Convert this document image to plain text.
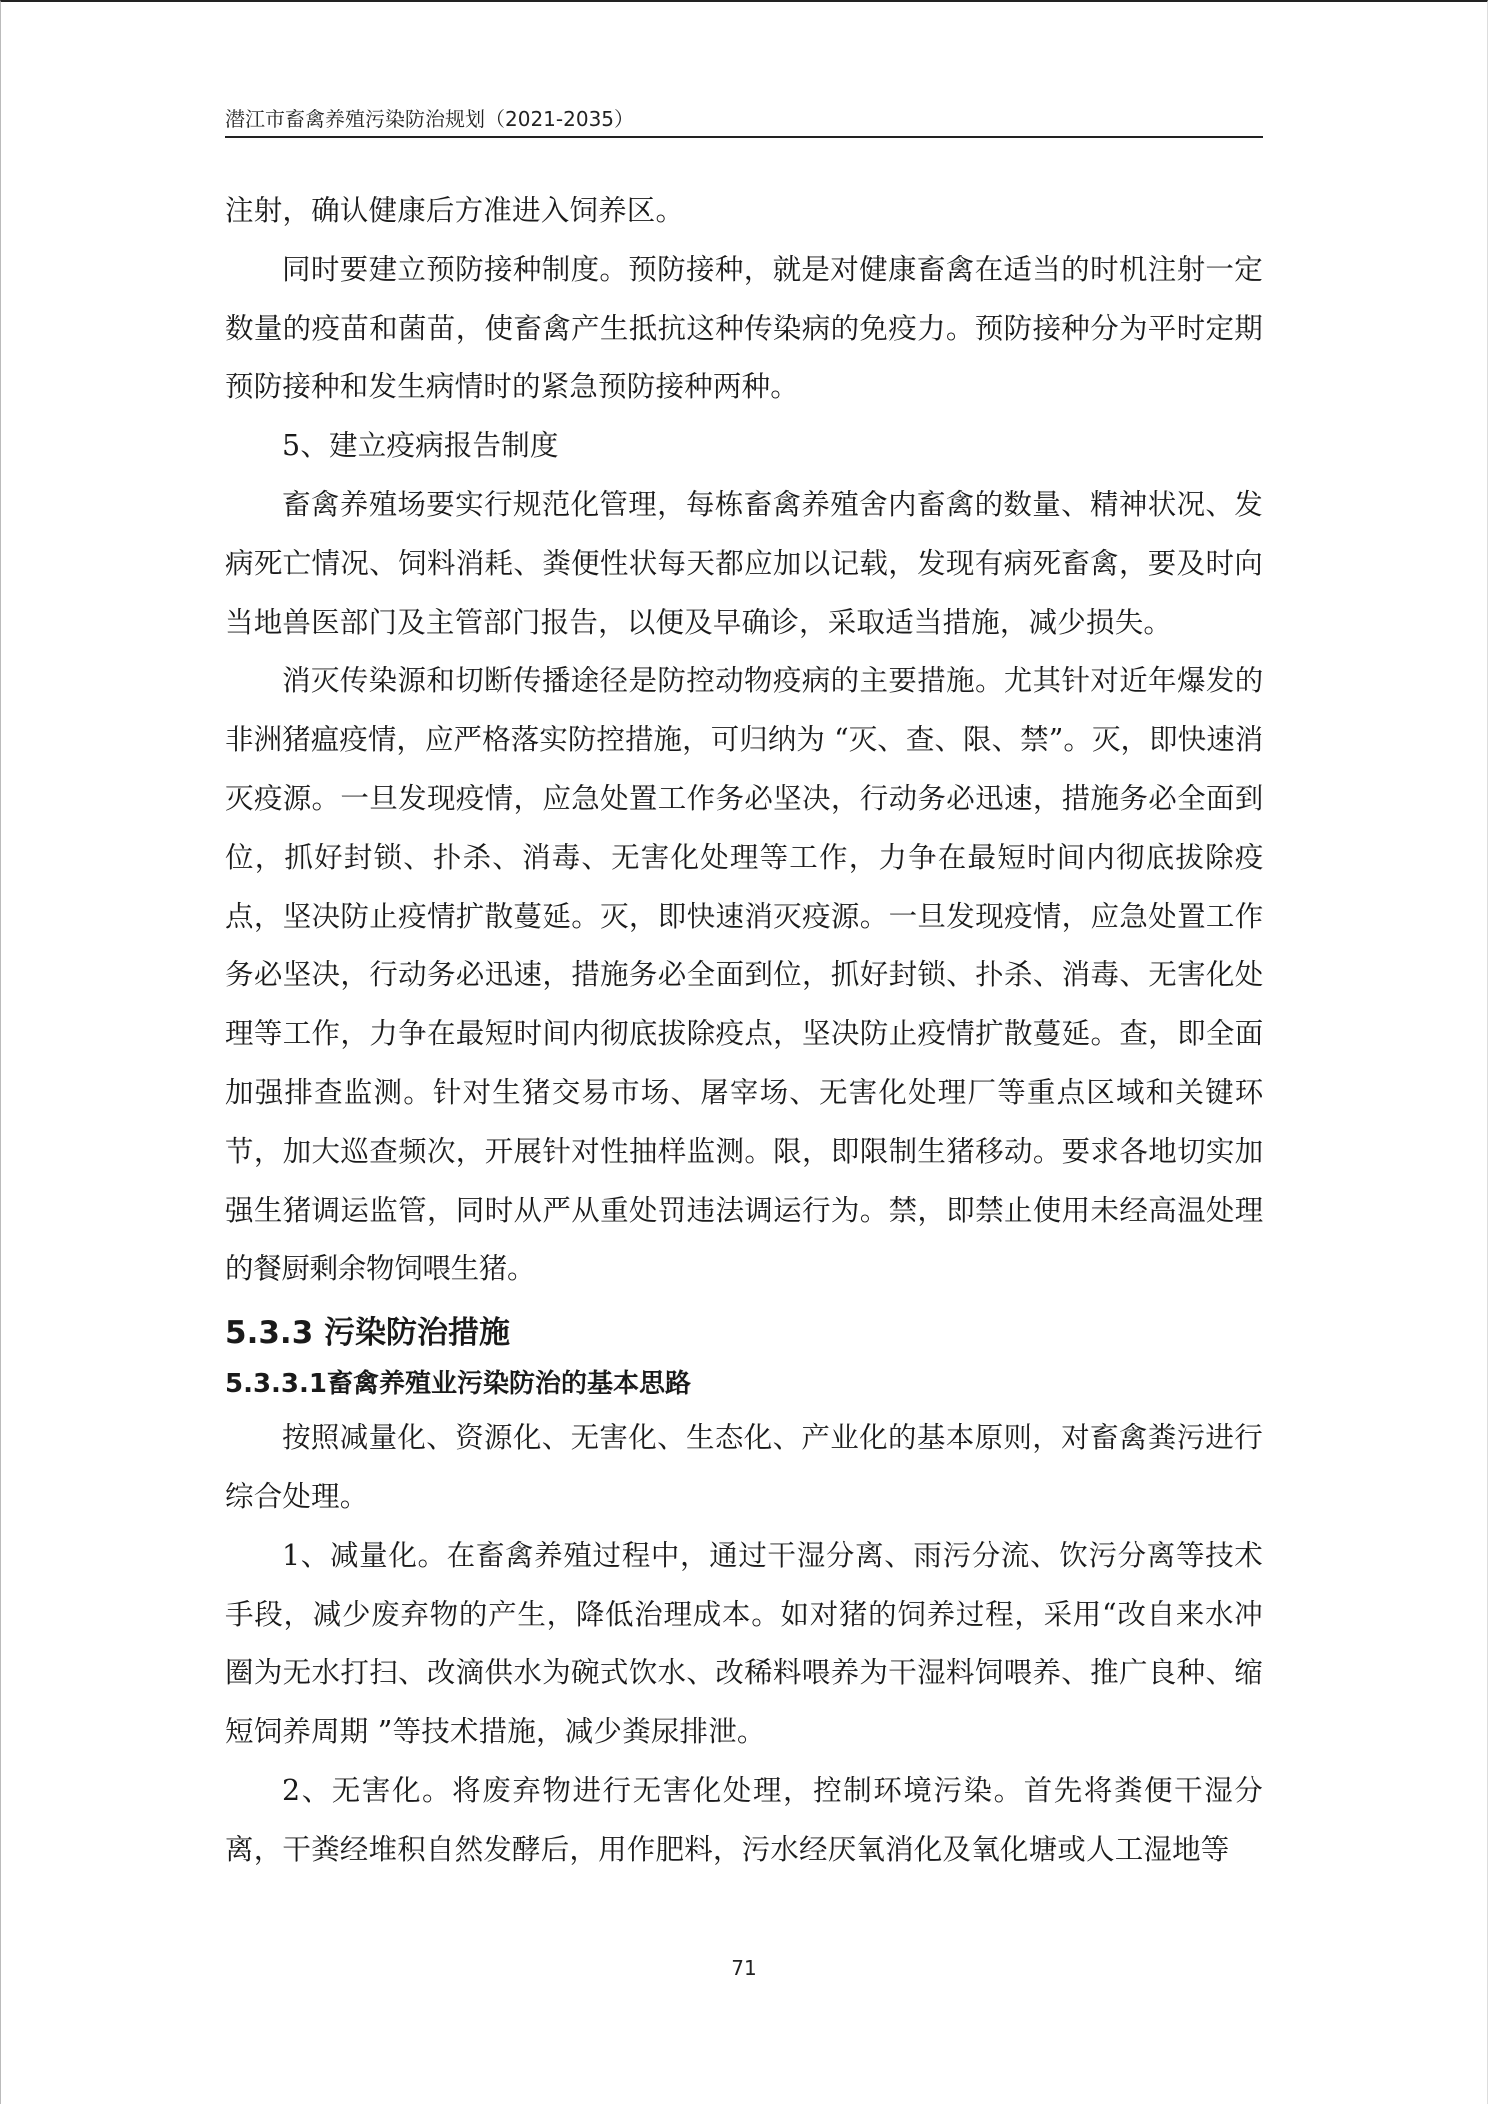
潜江市畜禽养殖污染防治规划（2021-2035）

注射，确认健康后方准进入饲养区。

同时要建立预防接种制度。预防接种，就是对健康畜禽在适当的时机注射一定数量的疫苗和菌苗，使畜禽产生抵抗这种传染病的免疫力。预防接种分为平时定期预防接种和发生病情时的紧急预防接种两种。

5、建立疫病报告制度

畜禽养殖场要实行规范化管理，每栋畜禽养殖舍内畜禽的数量、精神状况、发病死亡情况、饲料消耗、粪便性状每天都应加以记载，发现有病死畜禽，要及时向当地兽医部门及主管部门报告，以便及早确诊，采取适当措施，减少损失。

消灭传染源和切断传播途径是防控动物疫病的主要措施。尤其针对近年爆发的非洲猪瘟疫情，应严格落实防控措施，可归纳为 “灭、查、限、禁”。灭，即快速消灭疫源。一旦发现疫情，应急处置工作务必坚决，行动务必迅速，措施务必全面到位，抓好封锁、扑杀、消毒、无害化处理等工作，力争在最短时间内彻底拔除疫点，坚决防止疫情扩散蔓延。灭，即快速消灭疫源。一旦发现疫情，应急处置工作务必坚决，行动务必迅速，措施务必全面到位，抓好封锁、扑杀、消毒、无害化处理等工作，力争在最短时间内彻底拔除疫点，坚决防止疫情扩散蔓延。查，即全面加强排查监测。针对生猪交易市场、屠宰场、无害化处理厂等重点区域和关键环节，加大巡查频次，开展针对性抽样监测。限，即限制生猪移动。要求各地切实加强生猪调运监管，同时从严从重处罚违法调运行为。禁，即禁止使用未经高温处理的餐厨剩余物饲喂生猪。

5.3.3 污染防治措施
5.3.3.1畜禽养殖业污染防治的基本思路

按照减量化、资源化、无害化、生态化、产业化的基本原则，对畜禽粪污进行综合处理。

1、减量化。在畜禽养殖过程中，通过干湿分离、雨污分流、饮污分离等技术手段，减少废弃物的产生，降低治理成本。如对猪的饲养过程，采用“改自来水冲圈为无水打扫、改滴供水为碗式饮水、改稀料喂养为干湿料饲喂养、推广良种、缩短饲养周期 ”等技术措施，减少粪尿排泄。

2、无害化。将废弃物进行无害化处理，控制环境污染。首先将粪便干湿分离，干粪经堆积自然发酵后，用作肥料，污水经厌氧消化及氧化塘或人工湿地等

71
